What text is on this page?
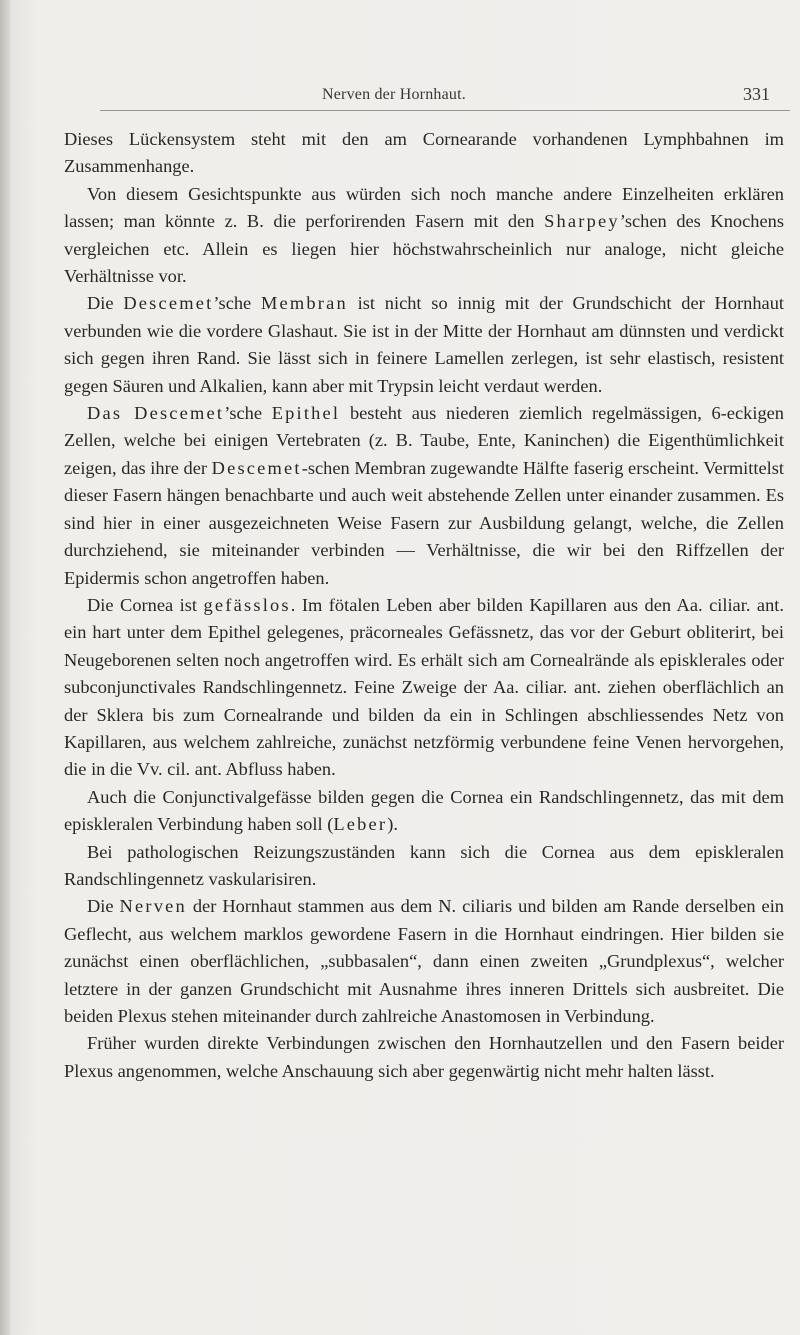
Nerven der Hornhaut.	331

Dieses Lückensystem steht mit den am Cornearande vorhandenen Lymphbahnen im Zusammenhange.

Von diesem Gesichtspunkte aus würden sich noch manche andere Einzelheiten erklären lassen; man könnte z. B. die perforirenden Fasern mit den Sharpey’schen des Knochens vergleichen etc. Allein es liegen hier höchstwahrscheinlich nur analoge, nicht gleiche Verhältnisse vor.

Die Descemet’sche Membran ist nicht so innig mit der Grundschicht der Hornhaut verbunden wie die vordere Glashaut. Sie ist in der Mitte der Hornhaut am dünnsten und verdickt sich gegen ihren Rand. Sie lässt sich in feinere Lamellen zerlegen, ist sehr elastisch, resistent gegen Säuren und Alkalien, kann aber mit Trypsin leicht verdaut werden.

Das Descemet’sche Epithel besteht aus niederen ziemlich regelmässigen, 6-eckigen Zellen, welche bei einigen Vertebraten (z. B. Taube, Ente, Kaninchen) die Eigenthümlichkeit zeigen, das ihre der Descemet-schen Membran zugewandte Hälfte faserig erscheint. Vermittelst dieser Fasern hängen benachbarte und auch weit abstehende Zellen unter einander zusammen. Es sind hier in einer ausgezeichneten Weise Fasern zur Ausbildung gelangt, welche, die Zellen durchziehend, sie miteinander verbinden — Verhältnisse, die wir bei den Riffzellen der Epidermis schon angetroffen haben.

Die Cornea ist gefässlos. Im fötalen Leben aber bilden Kapillaren aus den Aa. ciliar. ant. ein hart unter dem Epithel gelegenes, präcorneales Gefässnetz, das vor der Geburt obliterirt, bei Neugeborenen selten noch angetroffen wird. Es erhält sich am Cornealrände als episklerales oder subconjunctivales Randschlingennetz. Feine Zweige der Aa. ciliar. ant. ziehen oberflächlich an der Sklera bis zum Cornealrande und bilden da ein in Schlingen abschliessendes Netz von Kapillaren, aus welchem zahlreiche, zunächst netzförmig verbundene feine Venen hervorgehen, die in die Vv. cil. ant. Abfluss haben.

Auch die Conjunctivalgefässe bilden gegen die Cornea ein Randschlingennetz, das mit dem episkleralen Verbindung haben soll (Leber).

Bei pathologischen Reizungszuständen kann sich die Cornea aus dem episkleralen Randschlingennetz vaskularisiren.

Die Nerven der Hornhaut stammen aus dem N. ciliaris und bilden am Rande derselben ein Geflecht, aus welchem marklos gewordene Fasern in die Hornhaut eindringen. Hier bilden sie zunächst einen oberflächlichen, „subbasalen“, dann einen zweiten „Grundplexus“, welcher letztere in der ganzen Grundschicht mit Ausnahme ihres inneren Drittels sich ausbreitet. Die beiden Plexus stehen miteinander durch zahlreiche Anastomosen in Verbindung.

Früher wurden direkte Verbindungen zwischen den Hornhautzellen und den Fasern beider Plexus angenommen, welche Anschauung sich aber gegenwärtig nicht mehr halten lässt.
